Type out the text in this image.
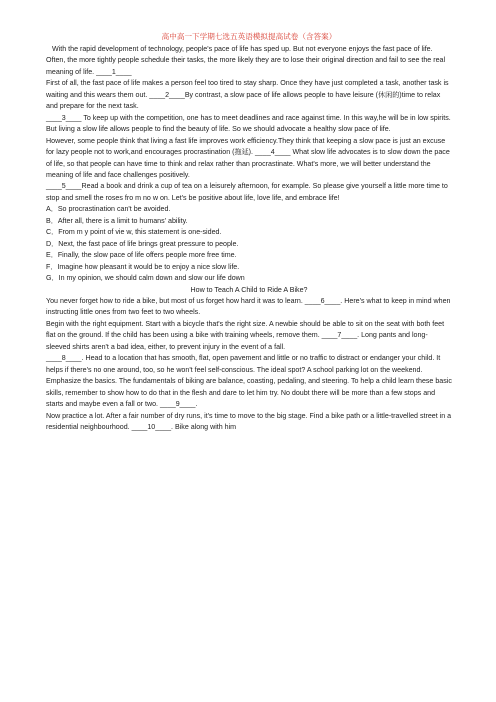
高中高一下学期七选五英语模拟提高试卷（含答案）

With the rapid development of technology, people's pace of life has sped up. But not everyone enjoys the fast pace of life. Often, the more tightly people schedule their tasks, the more likely they are to lose their original direction and fail to see the real meaning of life. ____1____

First of all, the fast pace of life makes a person feel too tired to stay sharp. Once they have just completed a task, another task is waiting and this wears them out. ____2____By contrast, a slow pace of life allows people to have leisure (休闲的)time to relax and prepare for the next task.

____3____ To keep up with the competition, one has to meet deadlines and race against time. In this way,he will be in low spirits. But living a slow life allows people to find the beauty of life. So we should advocate a healthy slow pace of life.

However, some people think that living a fast life improves work efficiency.They think that keeping a slow pace is just an excuse for lazy people not to work,and encourages procrastination (拖延). ____4____ What slow life advocates is to slow down the pace of life, so that people can have time to think and relax rather than procrastinate. What's more, we will better understand the meaning of life and face challenges positively.

____5____Read a book and drink a cup of tea on a leisurely afternoon, for example. So please give yourself a little more time to stop and smell the roses fro m no w on. Let's be positive about life, love life, and embrace life!

A．So procrastination can't be avoided.

B．After all, there is a limit to humans' ability.

C．From m y point of vie w, this statement is one-sided.

D．Next, the fast pace of life brings great pressure to people.

E．Finally, the slow pace of life offers people more free time.

F．Imagine how pleasant it would be to enjoy a nice slow life.

G．In my opinion, we should calm down and slow our life down

How to Teach A Child to Ride A Bike?

You never forget how to ride a bike, but most of us forget how hard it was to learn. ____6____. Here's what to keep in mind when instructing little ones from two feet to two wheels.

Begin with the right equipment. Start with a bicycle that's the right size. A newbie should be able to sit on the seat with both feet flat on the ground. If the child has been using a bike with training wheels, remove them. ____7____. Long pants and long-sleeved shirts aren't a bad idea, either, to prevent injury in the event of a fall.

____8____. Head to a location that has smooth, flat, open pavement and little or no traffic to distract or endanger your child. It helps if there's no one around, too, so he won't feel self-conscious. The ideal spot? A school parking lot on the weekend.

Emphasize the basics. The fundamentals of biking are balance, coasting, pedaling, and steering. To help a child learn these basic skills, remember to show how to do that in the flesh and dare to let him try. No doubt there will be more than a few stops and starts and maybe even a fall or two. ____9____.

Now practice a lot. After a fair number of dry runs, it's time to move to the big stage. Find a bike path or a little-travelled street in a residential neighbourhood. ____10____. Bike along with him
